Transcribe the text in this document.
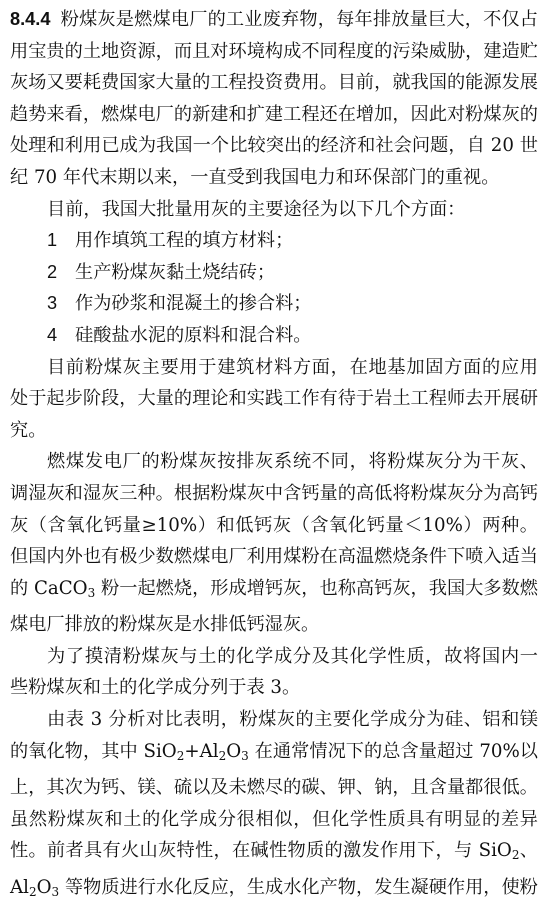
8.4.4 粉煤灰是燃煤电厂的工业废弃物，每年排放量巨大，不仅占用宝贵的土地资源，而且对环境构成不同程度的污染威胁，建造贮灰场又要耗费国家大量的工程投资费用。目前，就我国的能源发展趋势来看，燃煤电厂的新建和扩建工程还在增加，因此对粉煤灰的处理和利用已成为我国一个比较突出的经济和社会问题，自 20 世纪 70 年代末期以来，一直受到我国电力和环保部门的重视。

目前，我国大批量用灰的主要途径为以下几个方面：

1 用作填筑工程的填方材料；

2 生产粉煤灰黏土烧结砖；

3 作为砂浆和混凝土的掺合料；

4 硅酸盐水泥的原料和混合料。

目前粉煤灰主要用于建筑材料方面，在地基加固方面的应用处于起步阶段，大量的理论和实践工作有待于岩土工程师去开展研究。

燃煤发电厂的粉煤灰按排灰系统不同，将粉煤灰分为干灰、调湿灰和湿灰三种。根据粉煤灰中含钙量的高低将粉煤灰分为高钙灰（含氧化钙量≥10%）和低钙灰（含氧化钙量＜10%）两种。但国内外也有极少数燃煤电厂利用煤粉在高温燃烧条件下喷入适当的 CaCO$_3$ 粉一起燃烧，形成增钙灰，也称高钙灰，我国大多数燃煤电厂排放的粉煤灰是水排低钙湿灰。

为了摸清粉煤灰与土的化学成分及其化学性质，故将国内一些粉煤灰和土的化学成分列于表 3。

由表 3 分析对比表明，粉煤灰的主要化学成分为硅、铝和镁的氧化物，其中 $SiO_2+Al_2O_3$ 在通常情况下的总含量超过 70%以上，其次为钙、镁、硫以及未燃尽的碳、钾、钠，且含量都很低。虽然粉煤灰和土的化学成分很相似，但化学性质具有明显的差异性。前者具有火山灰特性，在碱性物质的激发作用下，与 SiO$_2$、$Al_2O_3$ 等物质进行水化反应，生成水化产物，发生凝硬作用，使粉
